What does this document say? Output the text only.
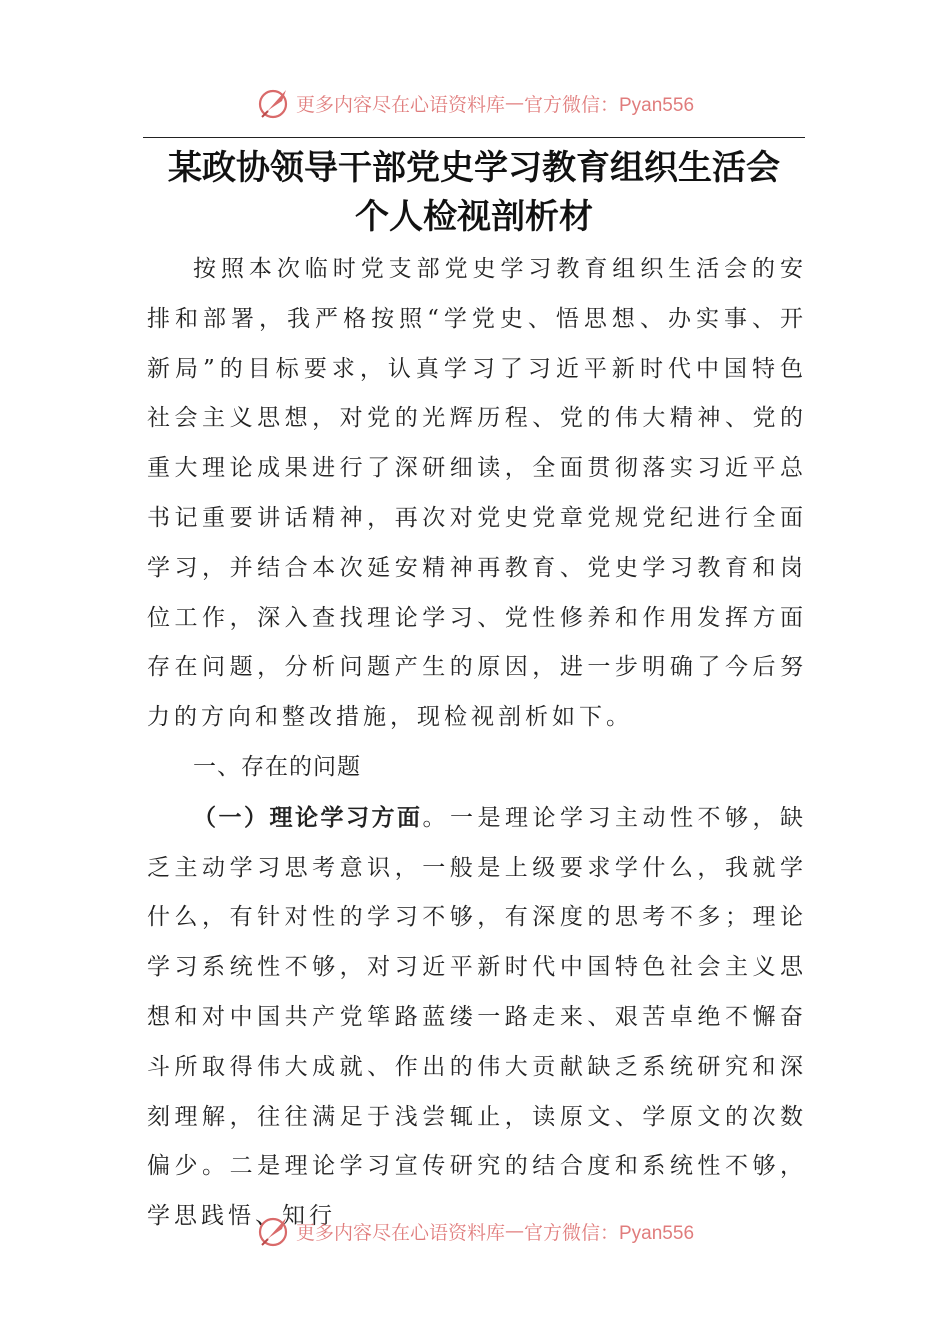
更多内容尽在心语资料库 — 官方微信：Pyan556
某政协领导干部党史学习教育组织生活会
个人检视剖析材

按照本次临时党支部党史学习教育组织生活会的安排和部署，我严格按照“学党史、悟思想、办实事、开新局”的目标要求，认真学习了习近平新时代中国特色社会主义思想，对党的光辉历程、党的伟大精神、党的重大理论成果进行了深研细读，全面贯彻落实习近平总书记重要讲话精神，再次对党史党章党规党纪进行全面学习，并结合本次延安精神再教育、党史学习教育和岗位工作，深入查找理论学习、党性修养和作用发挥方面存在问题，分析问题产生的原因，进一步明确了今后努力的方向和整改措施，现检视剖析如下。

一、存在的问题

（一）理论学习方面。一是理论学习主动性不够，缺乏主动学习思考意识，一般是上级要求学什么，我就学什么，有针对性的学习不够，有深度的思考不多；理论学习系统性不够，对习近平新时代中国特色社会主义思想和对中国共产党筚路蓝缕一路走来、艰苦卓绝不懈奋斗所取得伟大成就、作出的伟大贡献缺乏系统研究和深刻理解，往往满足于浅尝辄止，读原文、学原文的次数偏少。二是理论学习宣传研究的结合度和系统性不够，学思践悟、知行

更多内容尽在心语资料库 — 官方微信：Pyan556
